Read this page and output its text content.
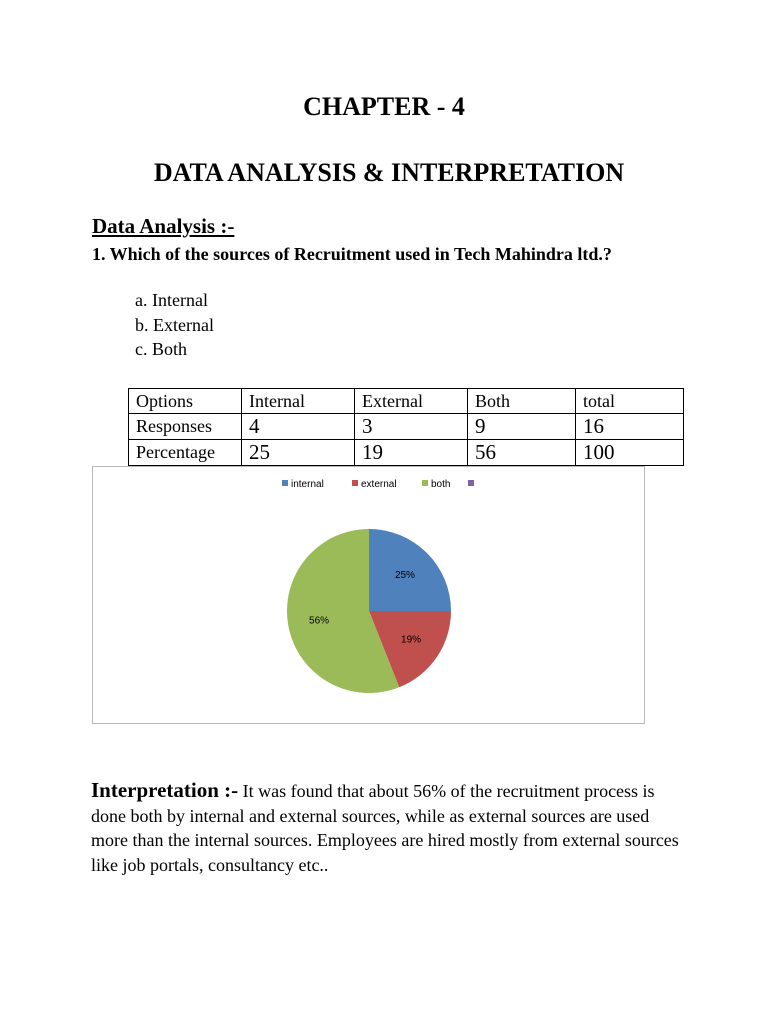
CHAPTER - 4
DATA ANALYSIS & INTERPRETATION
Data Analysis :-
1. Which of the sources of Recruitment used in Tech Mahindra ltd.?
a. Internal
b. External
c. Both
Options	Internal	External	Both	total
Responses	4	3	9	16
Percentage	25	19	56	100
internal	external	both
25%
19%
56%
Interpretation :- It was found that about 56% of the recruitment process is done both by internal and external sources, while as external sources are used more than the internal sources. Employees are hired mostly from external sources like job portals, consultancy etc..
